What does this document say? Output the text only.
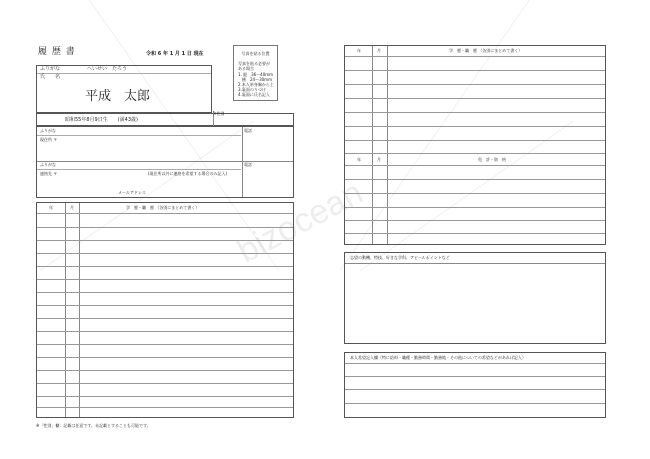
bizocean
履 歴 書	令和 6 年 1 月 1 日 現在	写真を貼る位置
写真を貼る必要が
ある場合
1. 縦　36〜40mm
　横　24〜30mm
2.本人単身胸から上
3.裏面のりづけ
4.裏面に氏名記入
ふりがな	へいせい　たろう
氏　　名
平成　太郎
昭和55年8月9日生　　(満43歳)
※性別
ふりがな
現住所 〒
電話
ふりがな
連絡先 〒	(現住所以外に連絡を希望する場合のみ記入)
電話
メールアドレス
年	月	学　歴・職　歴 （各別にまとめて書く）
※「性別」欄：記載は任意です。未記載とすることも可能です。
年	月	学　歴・職　歴 （各別にまとめて書く）
年	月	免　許・資　格
志望の動機、特技、好きな学科、アピールポイントなど
本人希望記入欄（特に給料・職種・勤務時間・勤務地・その他についての希望などがあれば記入）
